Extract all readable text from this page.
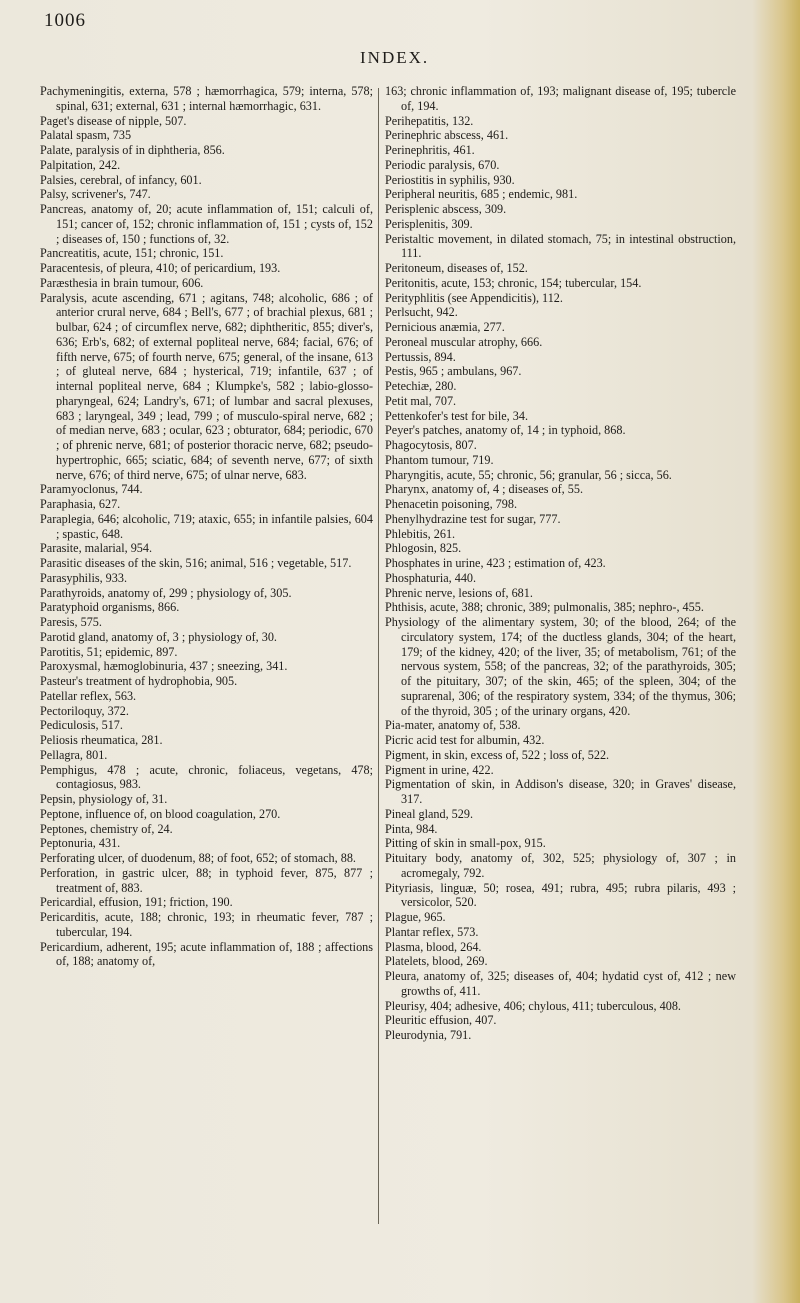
1006
INDEX.

Pachymeningitis, externa, 578 ; hæmorrhagica, 579; interna, 578; spinal, 631; external, 631 ; internal hæmorrhagic, 631.

Paget's disease of nipple, 507.

Palatal spasm, 735

Palate, paralysis of in diphtheria, 856.

Palpitation, 242.

Palsies, cerebral, of infancy, 601.

Palsy, scrivener's, 747.

Pancreas, anatomy of, 20; acute inflammation of, 151; calculi of, 151; cancer of, 152; chronic inflammation of, 151 ; cysts of, 152 ; diseases of, 150 ; functions of, 32.

Pancreatitis, acute, 151; chronic, 151.

Paracentesis, of pleura, 410; of pericardium, 193.

Paræsthesia in brain tumour, 606.

Paralysis, acute ascending, 671 ; agitans, 748; alcoholic, 686 ; of anterior crural nerve, 684 ; Bell's, 677 ; of brachial plexus, 681 ; bulbar, 624 ; of circumflex nerve, 682; diphtheritic, 855; diver's, 636; Erb's, 682; of external popliteal nerve, 684; facial, 676; of fifth nerve, 675; of fourth nerve, 675; general, of the insane, 613 ; of gluteal nerve, 684 ; hysterical, 719; infantile, 637 ; of internal popliteal nerve, 684 ; Klumpke's, 582 ; labio-glosso-pharyngeal, 624; Landry's, 671; of lumbar and sacral plexuses, 683 ; laryngeal, 349 ; lead, 799 ; of musculo-spiral nerve, 682 ; of median nerve, 683 ; ocular, 623 ; obturator, 684; periodic, 670 ; of phrenic nerve, 681; of posterior thoracic nerve, 682; pseudo-hypertrophic, 665; sciatic, 684; of seventh nerve, 677; of sixth nerve, 676; of third nerve, 675; of ulnar nerve, 683.

Paramyoclonus, 744.

Paraphasia, 627.

Paraplegia, 646; alcoholic, 719; ataxic, 655; in infantile palsies, 604 ; spastic, 648.

Parasite, malarial, 954.

Parasitic diseases of the skin, 516; animal, 516 ; vegetable, 517.

Parasyphilis, 933.

Parathyroids, anatomy of, 299 ; physiology of, 305.

Paratyphoid organisms, 866.

Paresis, 575.

Parotid gland, anatomy of, 3 ; physiology of, 30.

Parotitis, 51; epidemic, 897.

Paroxysmal, hæmoglobinuria, 437 ; sneezing, 341.

Pasteur's treatment of hydrophobia, 905.

Patellar reflex, 563.

Pectoriloquy, 372.

Pediculosis, 517.

Peliosis rheumatica, 281.

Pellagra, 801.

Pemphigus, 478 ; acute, chronic, foliaceus, vegetans, 478; contagiosus, 983.

Pepsin, physiology of, 31.

Peptone, influence of, on blood coagulation, 270.

Peptones, chemistry of, 24.

Peptonuria, 431.

Perforating ulcer, of duodenum, 88; of foot, 652; of stomach, 88.

Perforation, in gastric ulcer, 88; in typhoid fever, 875, 877 ; treatment of, 883.

Pericardial, effusion, 191; friction, 190.

Pericarditis, acute, 188; chronic, 193; in rheumatic fever, 787 ; tubercular, 194.

Pericardium, adherent, 195; acute inflammation of, 188 ; affections of, 188; anatomy of,

163; chronic inflammation of, 193; malignant disease of, 195; tubercle of, 194.

Perihepatitis, 132.

Perinephric abscess, 461.

Perinephritis, 461.

Periodic paralysis, 670.

Periostitis in syphilis, 930.

Peripheral neuritis, 685 ; endemic, 981.

Perisplenic abscess, 309.

Perisplenitis, 309.

Peristaltic movement, in dilated stomach, 75; in intestinal obstruction, 111.

Peritoneum, diseases of, 152.

Peritonitis, acute, 153; chronic, 154; tubercular, 154.

Perityphlitis (see Appendicitis), 112.

Perlsucht, 942.

Pernicious anæmia, 277.

Peroneal muscular atrophy, 666.

Pertussis, 894.

Pestis, 965 ; ambulans, 967.

Petechiæ, 280.

Petit mal, 707.

Pettenkofer's test for bile, 34.

Peyer's patches, anatomy of, 14 ; in typhoid, 868.

Phagocytosis, 807.

Phantom tumour, 719.

Pharyngitis, acute, 55; chronic, 56; granular, 56 ; sicca, 56.

Pharynx, anatomy of, 4 ; diseases of, 55.

Phenacetin poisoning, 798.

Phenylhydrazine test for sugar, 777.

Phlebitis, 261.

Phlogosin, 825.

Phosphates in urine, 423 ; estimation of, 423.

Phosphaturia, 440.

Phrenic nerve, lesions of, 681.

Phthisis, acute, 388; chronic, 389; pulmonalis, 385; nephro-, 455.

Physiology of the alimentary system, 30; of the blood, 264; of the circulatory system, 174; of the ductless glands, 304; of the heart, 179; of the kidney, 420; of the liver, 35; of metabolism, 761; of the nervous system, 558; of the pancreas, 32; of the parathyroids, 305; of the pituitary, 307; of the skin, 465; of the spleen, 304; of the suprarenal, 306; of the respiratory system, 334; of the thymus, 306; of the thyroid, 305 ; of the urinary organs, 420.

Pia-mater, anatomy of, 538.

Picric acid test for albumin, 432.

Pigment, in skin, excess of, 522 ; loss of, 522.

Pigment in urine, 422.

Pigmentation of skin, in Addison's disease, 320; in Graves' disease, 317.

Pineal gland, 529.

Pinta, 984.

Pitting of skin in small-pox, 915.

Pituitary body, anatomy of, 302, 525; physiology of, 307 ; in acromegaly, 792.

Pityriasis, linguæ, 50; rosea, 491; rubra, 495; rubra pilaris, 493 ; versicolor, 520.

Plague, 965.

Plantar reflex, 573.

Plasma, blood, 264.

Platelets, blood, 269.

Pleura, anatomy of, 325; diseases of, 404; hydatid cyst of, 412 ; new growths of, 411.

Pleurisy, 404; adhesive, 406; chylous, 411; tuberculous, 408.

Pleuritic effusion, 407.

Pleurodynia, 791.
